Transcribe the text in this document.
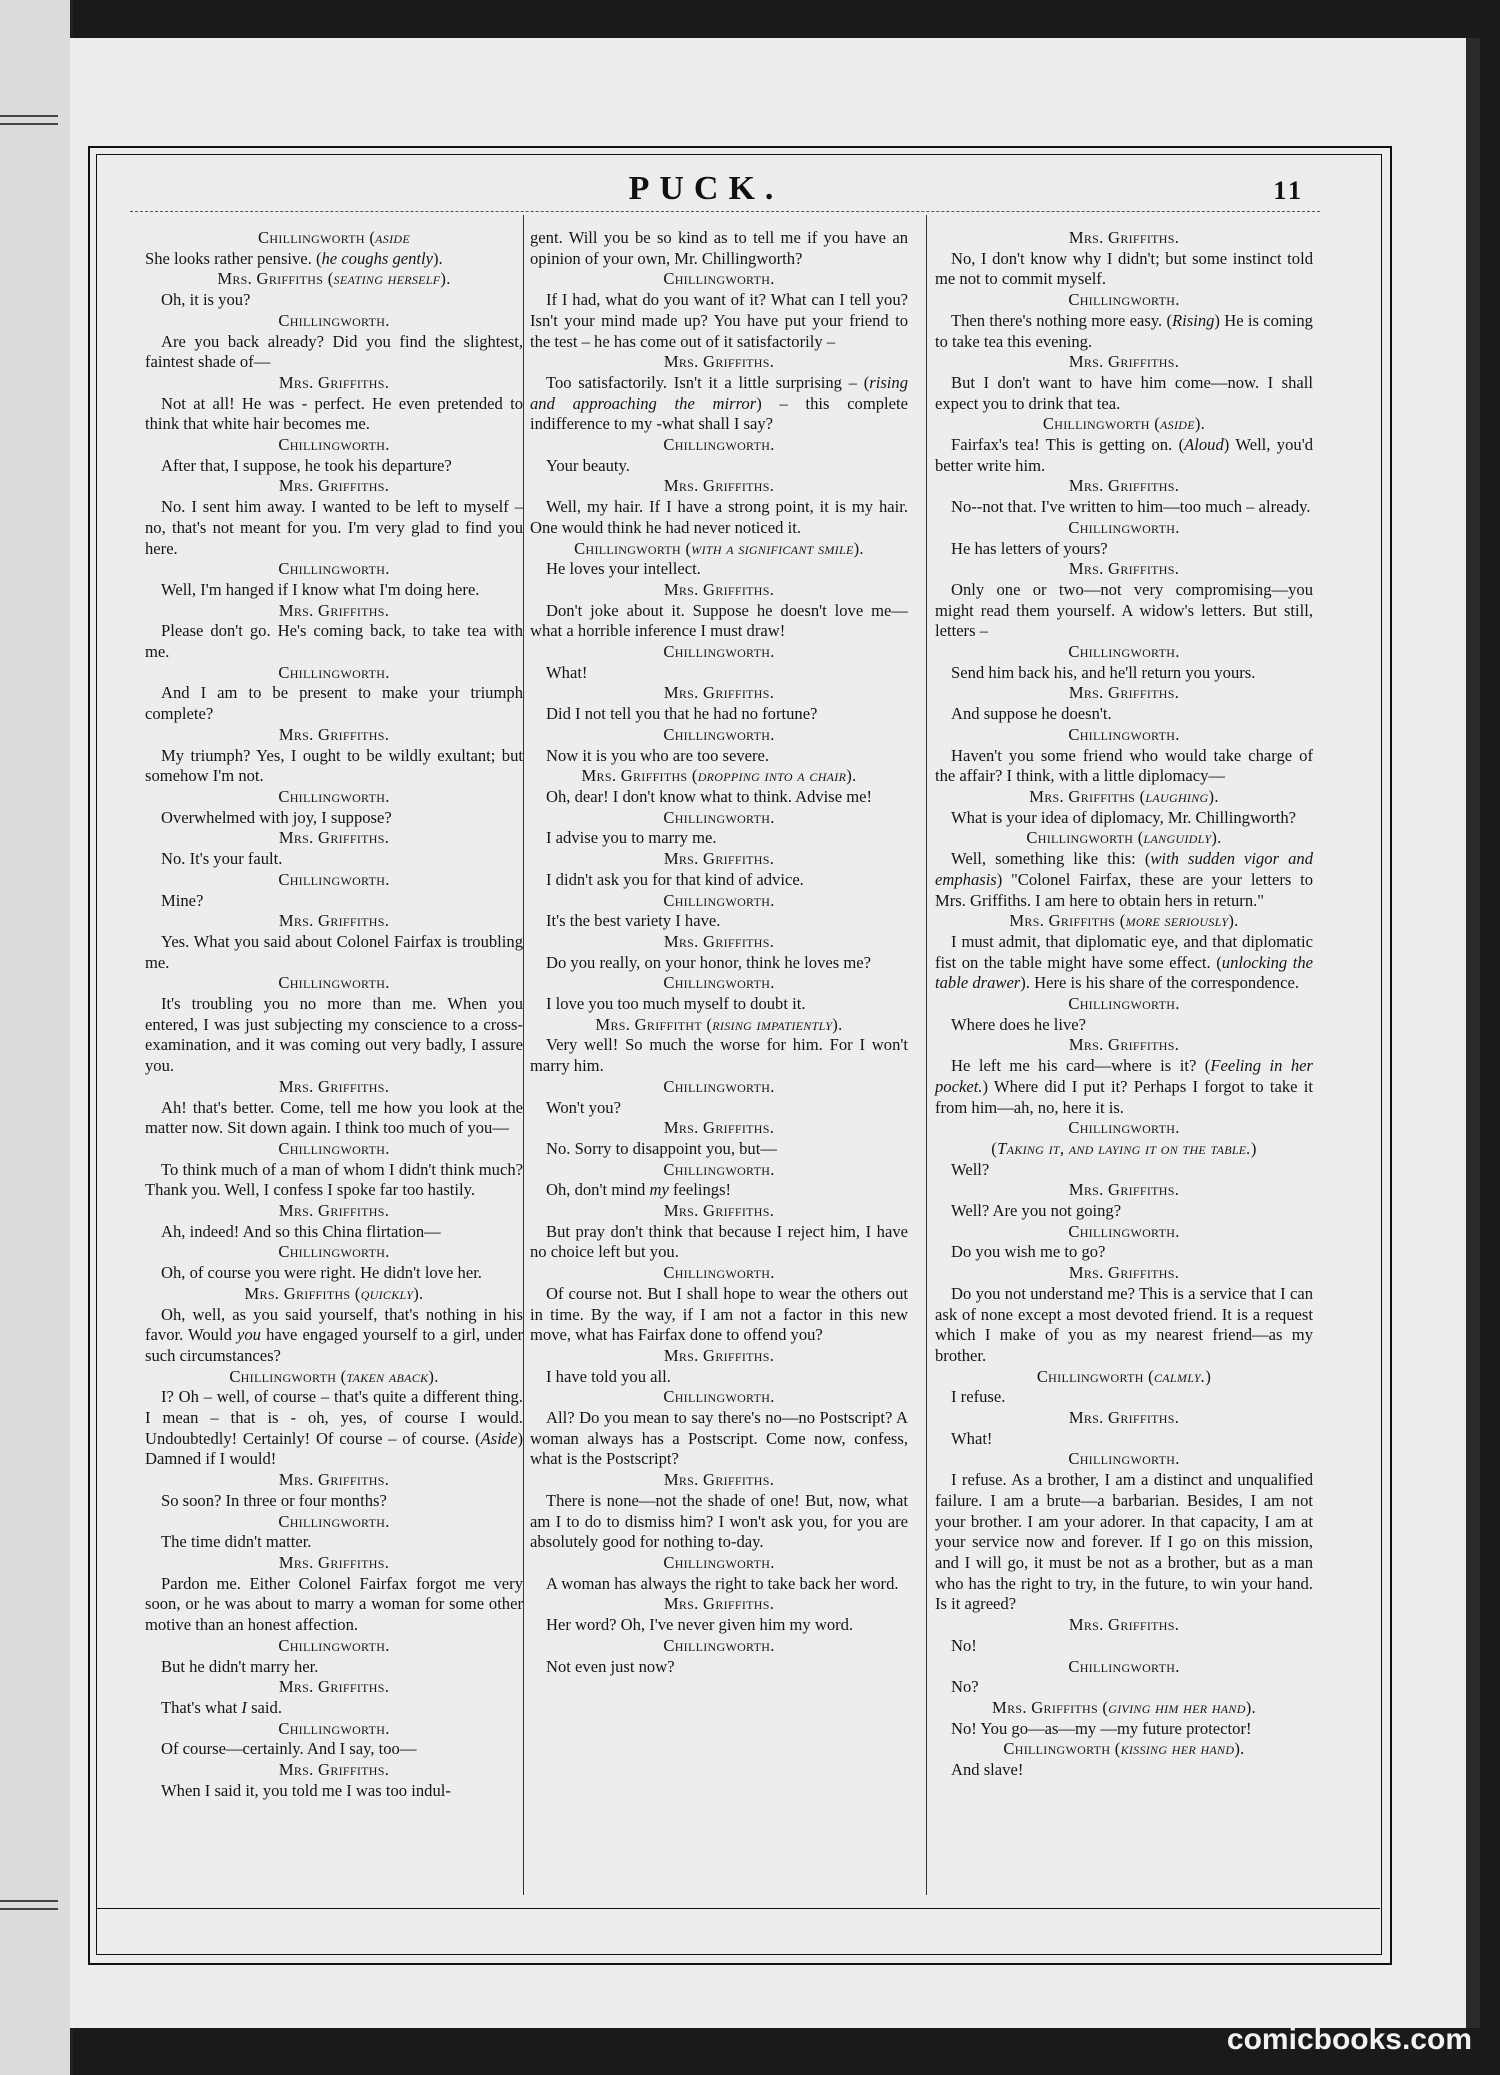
PUCK.	11
Chillingworth (aside
She looks rather pensive. (he coughs gently).
Mrs. Griffiths (seating herself).
Oh, it is you?
Chillingworth.
Are you back already? Did you find the slightest, faintest shade of—
Mrs. Griffiths.
Not at all! He was - perfect. He even pretended to think that white hair becomes me.
Chillingworth.
After that, I suppose, he took his departure?
Mrs. Griffiths.
No. I sent him away. I wanted to be left to myself – no, that's not meant for you. I'm very glad to find you here.
Chillingworth.
Well, I'm hanged if I know what I'm doing here.
Mrs. Griffiths.
Please don't go. He's coming back, to take tea with me.
Chillingworth.
And I am to be present to make your triumph complete?
Mrs. Griffiths.
My triumph? Yes, I ought to be wildly exultant; but somehow I'm not.
Chillingworth.
Overwhelmed with joy, I suppose?
Mrs. Griffiths.
No. It's your fault.
Chillingworth.
Mine?
Mrs. Griffiths.
Yes. What you said about Colonel Fairfax is troubling me.
Chillingworth.
It's troubling you no more than me. When you entered, I was just subjecting my conscience to a cross-examination, and it was coming out very badly, I assure you.
Mrs. Griffiths.
Ah! that's better. Come, tell me how you look at the matter now. Sit down again. I think too much of you—
Chillingworth.
To think much of a man of whom I didn't think much? Thank you. Well, I confess I spoke far too hastily.
Mrs. Griffiths.
Ah, indeed! And so this China flirtation—
Chillingworth.
Oh, of course you were right. He didn't love her.
Mrs. Griffiths (quickly).
Oh, well, as you said yourself, that's nothing in his favor. Would you have engaged yourself to a girl, under such circumstances?
Chillingworth (taken aback).
I? Oh – well, of course – that's quite a different thing. I mean – that is - oh, yes, of course I would. Undoubtedly! Certainly! Of course – of course. (Aside) Damned if I would!
Mrs. Griffiths.
So soon? In three or four months?
Chillingworth.
The time didn't matter.
Mrs. Griffiths.
Pardon me. Either Colonel Fairfax forgot me very soon, or he was about to marry a woman for some other motive than an honest affection.
Chillingworth.
But he didn't marry her.
Mrs. Griffiths.
That's what I said.
Chillingworth.
Of course—certainly. And I say, too—
Mrs. Griffiths.
When I said it, you told me I was too indul-
gent. Will you be so kind as to tell me if you have an opinion of your own, Mr. Chillingworth?
Chillingworth.
If I had, what do you want of it? What can I tell you? Isn't your mind made up? You have put your friend to the test – he has come out of it satisfactorily –
Mrs. Griffiths.
Too satisfactorily. Isn't it a little surprising – (rising and approaching the mirror) – this complete indifference to my -what shall I say?
Chillingworth.
Your beauty.
Mrs. Griffiths.
Well, my hair. If I have a strong point, it is my hair. One would think he had never noticed it.
Chillingworth (with a significant smile).
He loves your intellect.
Mrs. Griffiths.
Don't joke about it. Suppose he doesn't love me—what a horrible inference I must draw!
Chillingworth.
What!
Mrs. Griffiths.
Did I not tell you that he had no fortune?
Chillingworth.
Now it is you who are too severe.
Mrs. Griffiths (dropping into a chair).
Oh, dear! I don't know what to think. Advise me!
Chillingworth.
I advise you to marry me.
Mrs. Griffiths.
I didn't ask you for that kind of advice.
Chillingworth.
It's the best variety I have.
Mrs. Griffiths.
Do you really, on your honor, think he loves me?
Chillingworth.
I love you too much myself to doubt it.
Mrs. Griffitht (rising impatiently).
Very well! So much the worse for him. For I won't marry him.
Chillingworth.
Won't you?
Mrs. Griffiths.
No. Sorry to disappoint you, but—
Chillingworth.
Oh, don't mind my feelings!
Mrs. Griffiths.
But pray don't think that because I reject him, I have no choice left but you.
Chillingworth.
Of course not. But I shall hope to wear the others out in time. By the way, if I am not a factor in this new move, what has Fairfax done to offend you?
Mrs. Griffiths.
I have told you all.
Chillingworth.
All? Do you mean to say there's no—no Postscript? A woman always has a Postscript. Come now, confess, what is the Postscript?
Mrs. Griffiths.
There is none—not the shade of one! But, now, what am I to do to dismiss him? I won't ask you, for you are absolutely good for nothing to-day.
Chillingworth.
A woman has always the right to take back her word.
Mrs. Griffiths.
Her word? Oh, I've never given him my word.
Chillingworth.
Not even just now?
Mrs. Griffiths.
No, I don't know why I didn't; but some instinct told me not to commit myself.
Chillingworth.
Then there's nothing more easy. (Rising) He is coming to take tea this evening.
Mrs. Griffiths.
But I don't want to have him come—now. I shall expect you to drink that tea.
Chillingworth (aside).
Fairfax's tea! This is getting on. (Aloud) Well, you'd better write him.
Mrs. Griffiths.
No--not that. I've written to him—too much – already.
Chillingworth.
He has letters of yours?
Mrs. Griffiths.
Only one or two—not very compromising—you might read them yourself. A widow's letters. But still, letters –
Chillingworth.
Send him back his, and he'll return you yours.
Mrs. Griffiths.
And suppose he doesn't.
Chillingworth.
Haven't you some friend who would take charge of the affair? I think, with a little diplomacy—
Mrs. Griffiths (laughing).
What is your idea of diplomacy, Mr. Chillingworth?
Chillingworth (languidly).
Well, something like this: (with sudden vigor and emphasis) "Colonel Fairfax, these are your letters to Mrs. Griffiths. I am here to obtain hers in return."
Mrs. Griffiths (more seriously).
I must admit, that diplomatic eye, and that diplomatic fist on the table might have some effect. (unlocking the table drawer). Here is his share of the correspondence.
Chillingworth.
Where does he live?
Mrs. Griffiths.
He left me his card—where is it? (Feeling in her pocket.) Where did I put it? Perhaps I forgot to take it from him—ah, no, here it is.
Chillingworth.
(Taking it, and laying it on the table.)
Well?
Mrs. Griffiths.
Well? Are you not going?
Chillingworth.
Do you wish me to go?
Mrs. Griffiths.
Do you not understand me? This is a service that I can ask of none except a most devoted friend. It is a request which I make of you as my nearest friend—as my brother.
Chillingworth (calmly.)
I refuse.
Mrs. Griffiths.
What!
Chillingworth.
I refuse. As a brother, I am a distinct and unqualified failure. I am a brute—a barbarian. Besides, I am not your brother. I am your adorer. In that capacity, I am at your service now and forever. If I go on this mission, and I will go, it must be not as a brother, but as a man who has the right to try, in the future, to win your hand. Is it agreed?
Mrs. Griffiths.
No!
Chillingworth.
No?
Mrs. Griffiths (giving him her hand).
No! You go—as—my —my future protector!
Chillingworth (kissing her hand).
And slave!
comicbooks.com
